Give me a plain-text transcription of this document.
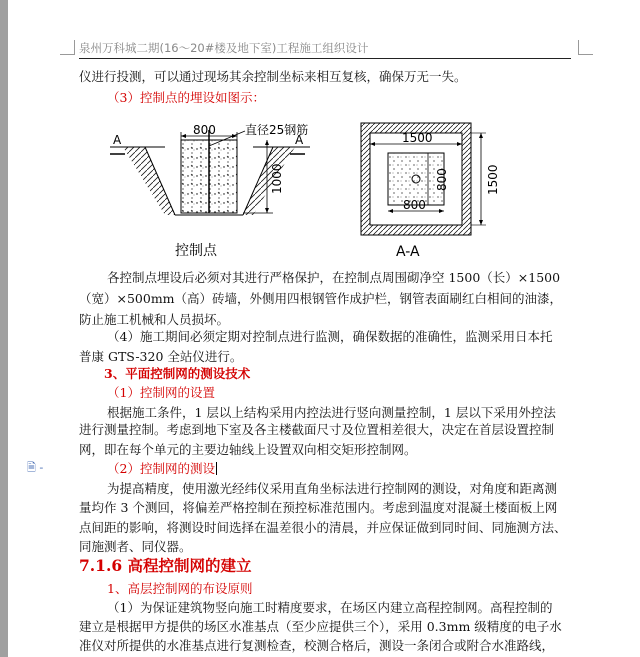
泉州万科城二期(16～20#楼及地下室)工程施工组织设计
仪进行投测，可以通过现场其余控制坐标来相互复核，确保万无一失。
（3）控制点的埋设如图示：
800 直径25钢筋
1000
A	A
控制点
1500
800	1500
800
A-A
各控制点埋设后必须对其进行严格保护，在控制点周围砌净空 1500（长）×1500
（宽）×500mm（高）砖墙，外侧用四根钢管作成护栏，钢管表面刷红白相间的油漆，
防止施工机械和人员损坏。
（4）施工期间必须定期对控制点进行监测，确保数据的准确性，监测采用日本托
普康 GTS-320 全站仪进行。
3、平面控制网的测设技术
（1）控制网的设置
根据施工条件，1 层以上结构采用内控法进行竖向测量控制，1 层以下采用外控法
进行测量控制。考虑到地下室及各主楼截面尺寸及位置相差很大，决定在首层设置控制
网，即在每个单元的主要边轴线上设置双向相交矩形控制网。
🗎 -	（2）控制网的测设
为提高精度，使用激光经纬仪采用直角坐标法进行控制网的测设，对角度和距离测
量均作 3 个测回，将偏差严格控制在预控标准范围内。考虑到温度对混凝土楼面板上网
点间距的影响，将测设时间选择在温差很小的清晨，并应保证做到同时间、同施测方法、
同施测者、同仪器。
7.1.6 高程控制网的建立
1、高层控制网的布设原则
（1）为保证建筑物竖向施工时精度要求，在场区内建立高程控制网。高程控制的
建立是根据甲方提供的场区水准基点（至少应提供三个），采用 0.3mm 级精度的电子水
准仪对所提供的水准基点进行复测检查，校测合格后，测设一条闭合或附合水准路线，
